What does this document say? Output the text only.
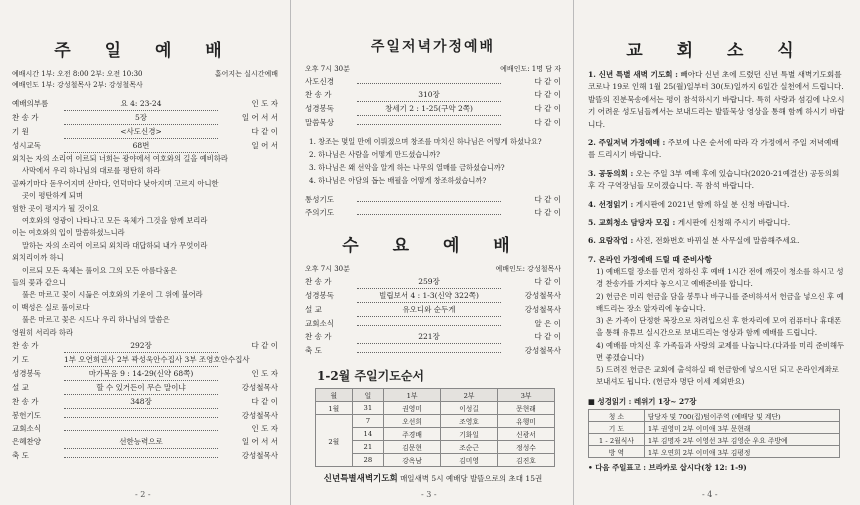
주 일 예 배
예배시간 1부: 오전 8:00 2부: 오전 10:30	흩어지는 실시간예배
예배인도 1부: 강성철목사 2부: 강성철목사
예배의부름	요 4: 23-24	인 도 자
찬 송 가	5장	일 어 서 서
기 원	<사도신경>	다 같 이
성시교독	68번	일 어 서
외치는 자의 소리여 이르되 너희는 광야에서 여호와의 길을 예비하라
사막에서 우리 하나님의 대로를 평탄히 하라
골짜기마다 돋우어지며 산마다, 언덕마다 낮아지며 고르지 아니한
곳이 평탄하게 되며
험한 곳이 평지가 될 것이요
여호와의 영광이 나타나고 모든 육체가 그것을 함께 보리라
이는 여호와의 입이 말씀하셨느니라
말하는 자의 소리여 이르되 외치라 대답하되 내가 무엇이라
외치리이까 하니
이르되 모든 육체는 풀이요 그의 모든 아름다움은
들의 꽃과 같으니
풀은 마르고 꽃이 시듦은 여호와의 기운이 그 위에 불어라
이 백성은 실로 풀이로다
풀은 마르고 꽃은 시드나 우리 하나님의 말씀은
영원히 서리라 하라
찬 송 가	292장	다 같 이
기 도	1부 오연희권사 2부 곽성욱안수집사 3부 조영호안수집사
성경봉독	마가복음 9 : 14-29(신약 68쪽)	인 도 자
설 교	할 수 있거든이 무슨 말이냐	강성철목사
찬 송 가	348장	다 같 이
봉헌기도	강성철목사
교회소식	인 도 자
은혜찬양	선한능력으로	일 어 서 서
축 도	강성철목사
- 2 -
주일저녁가정예배
오후 7시 30분	예배인도: 1명 담 자
사도신경	다 같 이
찬 송 가	310장	다 같 이
성경봉독	창세기 2 : 1-25(구약 2쪽)	다 같 이
말씀묵상	다 같 이
1. 창조는 몇일 만에 이뤄졌으며 창조를 마치신 하나님은 어떻게 하셨나요?
2. 하나님은 사람을 어떻게 만드셨습니까?
3. 하나님은 왜 선악을 알게 하는 나무의 열매를 금하셨습니까?
4. 하나님은 아담의 돕는 배필을 어떻게 창조하셨습니까?
통성기도	다 같 이
주의기도	다 같 이
수 요 예 배
오후 7시 30분	예배인도: 강성철목사
찬 송 가	259장	다 같 이
성경봉독	빌립보서 4 : 1-3(신약 322쪽)	강성철목사
설 교	유오디와 순두게	강성철목사
교회소식	알 은 이
찬 송 가	221장	다 같 이
축 도	강성철목사
1-2월 주일기도순서
월	일	1부	2부	3부
1월	31	권영미	이성길	문현래
2월	7	오선희	조영호	유행미
	14	주경배	기화일	신광서
	21	김문현	조순근	정성수
	28	강옥남	김미영	김진호
신년특별새벽기도회 매일새벽 5시 예배당 발뜰으로의 초대 15권
- 3 -
교 회 소 식
1. 신년 특별 새벽 기도회 : 빼아다 신년 초에 드렸던 신년 특별 새벽기도회를 코로나 19로 인해 1월 25(월)일부터 30(토)일까지 6일간 실천에서 드립니다. 발뜰의 진분묵송에서는 평이 참석하시기 바랍니다. 특히 사랑과 섬김에 나오시기 어려운 성도님들께서는 보내드리는 발뜰묵상 영상을 통해 함께 하시기 바랍니다.
2. 주일저녁 가정예배 : 주보에 나온 순서에 따라 각 가정에서 주일 저녁예배를 드리시기 바랍니다.
3. 공동의회 : 오는 주일 3부 예배 후에 있습니다(2020-21예결산) 공동의회 후 각 구역장님들 모이겠습니다. 꼭 참석 바랍니다.
4. 선정읽기 : 게시판에 2021년 함께 하실 분 신청 바랍니다.
5. 교회청소 담당자 모집 : 게시판에 신청해 주시기 바랍니다.
6. 요람작업 : 사진, 전화번호 바뀌실 분 사무실에 말씀해주세요.
7. 온라인 가정예배 드릴 때 준비사항
1) 예배드릴 장소를 먼저 정하신 후 예배 1시간 전에 깨끗이 청소를 하시고 성경 찬송가를 가져다 놓으시고 예배준비를 합니다.
2) 헌금은 미리 헌금을 담을 봉투나 바구니를 준비하셔서 헌금을 넣으신 후 예배드리는 장소 앞자리에 놓습니다.
3) 온 가족이 단정한 복장으로 차려입으신 후 한자리에 모여 컴퓨터나 휴대폰을 통해 유튜브 실시간으로 보내드리는 영상과 함께 예배를 드립니다.
4) 예배를 마치신 후 가족들과 사랑의 교제를 나눕니다.(다과를 미리 준비해두면 좋겠습니다)
5) 드려진 헌금은 교회에 출석하실 때 헌금함에 넣으시던 되고 온라인계좌로 보내셔도 됩니다. (헌금자 명단 이세 제외반요)
■ 성경읽기 : 레위기 1장~ 27장
청 소	담당자 및 700(집)텀이주역 (예배당 및 계단)
기 도	1부 권영미 2부 이미애 3부 문현래
1 - 2월식사	1부 김명자 2부 이영선 3부 김영순 우요 주방예
방 역	1부 오연희 2부 이미애 3부 김평정
• 다음 주일표고 : 브라카로 삽시다(창 12: 1-9)
- 4 -
